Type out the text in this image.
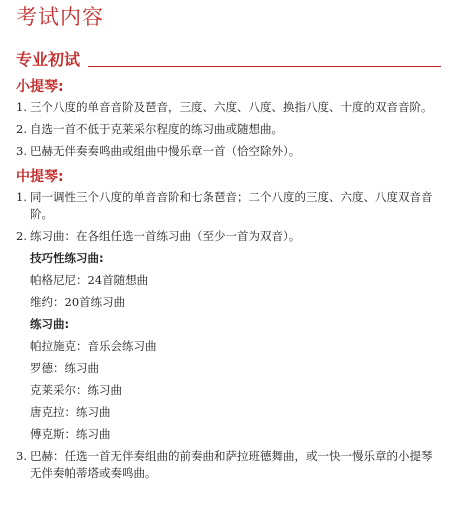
考试内容
专业初试
小提琴:
1. 三个八度的单音音阶及琶音，三度、六度、八度、换指八度、十度的双音音阶。
2. 自选一首不低于克莱采尔程度的练习曲或随想曲。
3. 巴赫无伴奏奏鸣曲或组曲中慢乐章一首（恰空除外）。
中提琴:
1. 同一调性三个八度的单音音阶和七条琶音；二个八度的三度、六度、八度双音音阶。
2. 练习曲：在各组任选一首练习曲（至少一首为双音）。
技巧性练习曲:
帕格尼尼：24首随想曲
维约：20首练习曲
练习曲:
帕拉施克：音乐会练习曲
罗德：练习曲
克莱采尔：练习曲
唐克拉：练习曲
傅克斯：练习曲
3. 巴赫：任选一首无伴奏组曲的前奏曲和萨拉班德舞曲，或一快一慢乐章的小提琴无伴奏帕蒂塔或奏鸣曲。
